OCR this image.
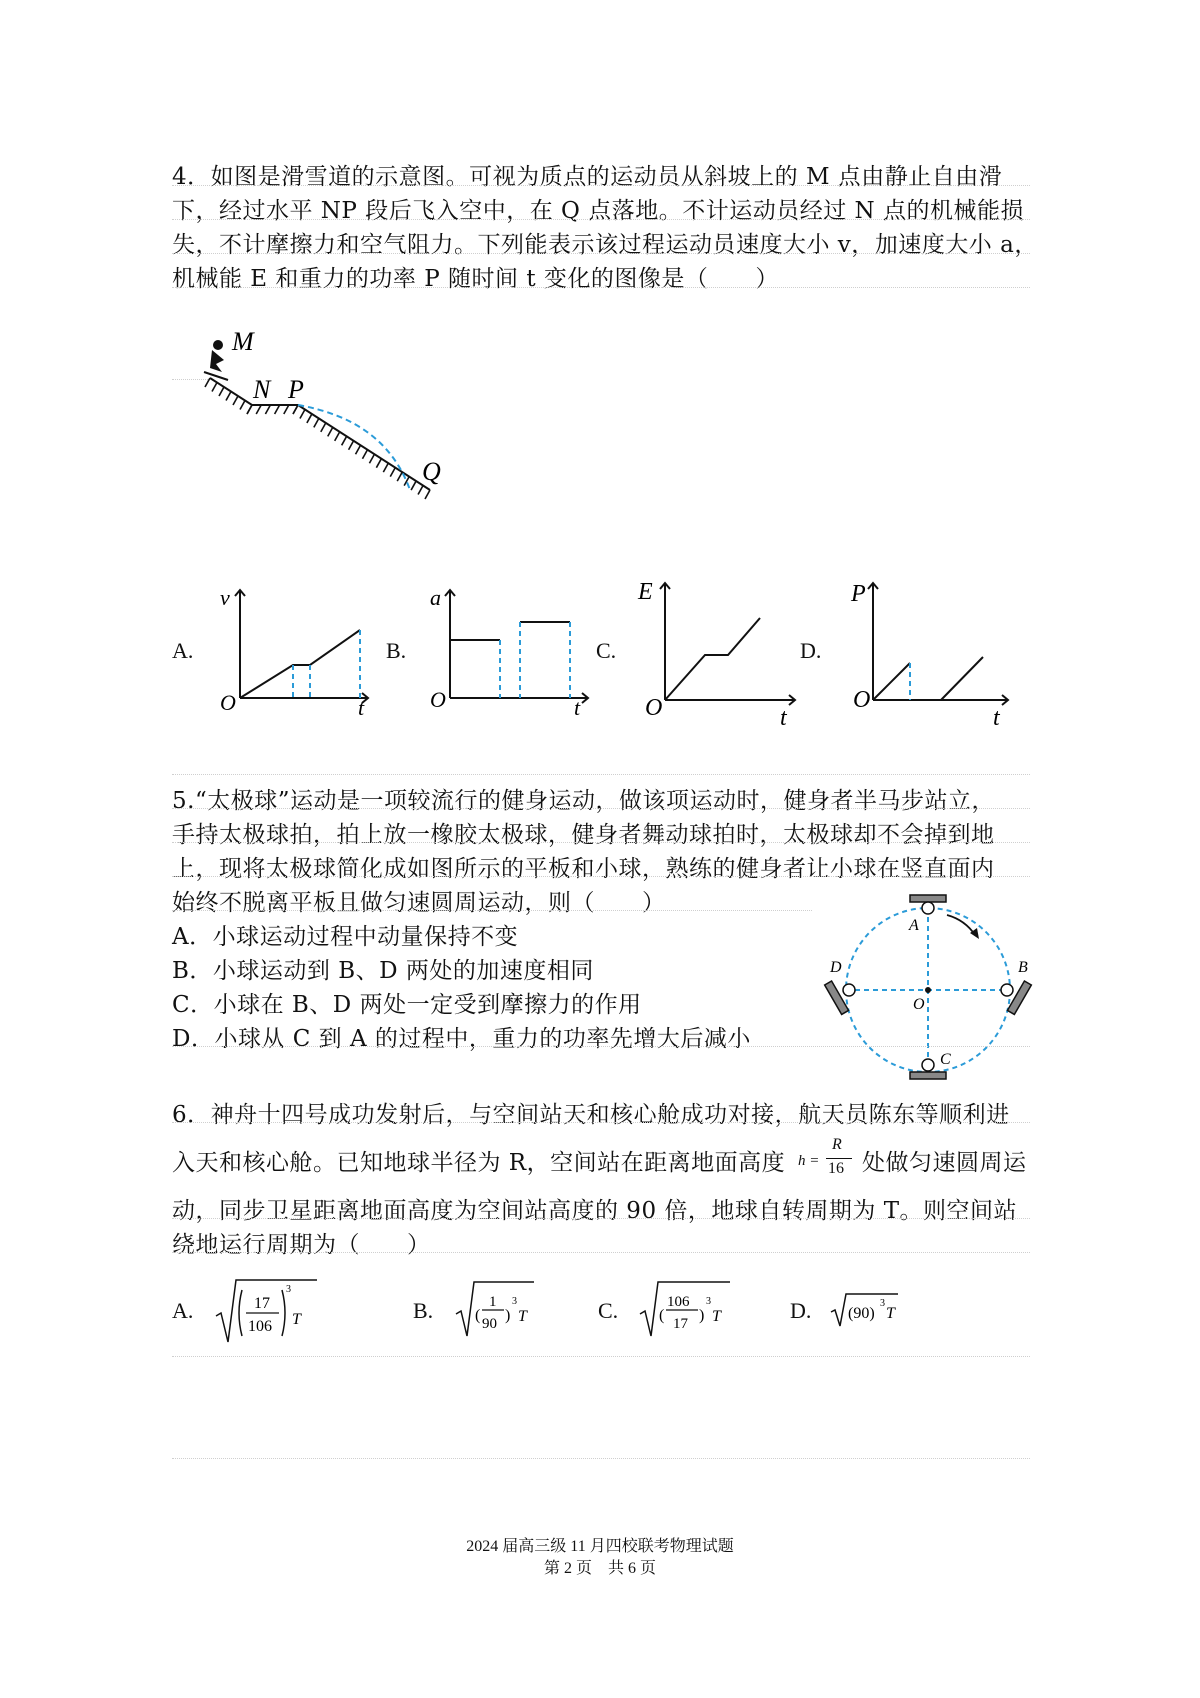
4．如图是滑雪道的示意图。可视为质点的运动员从斜坡上的 M 点由静止自由滑
下，经过水平 NP 段后飞入空中，在 Q 点落地。不计运动员经过 N 点的机械能损
失，不计摩擦力和空气阻力。下列能表示该过程运动员速度大小 v，加速度大小 a，
机械能 E 和重力的功率 P 随时间 t 变化的图像是（　　）
M
N P
Q
A.
O
v
t
B.
O
a
t
C.
O
E
t
D.
O
P
t
5.“太极球”运动是一项较流行的健身运动，做该项运动时，健身者半马步站立，
手持太极球拍，拍上放一橡胶太极球，健身者舞动球拍时，太极球却不会掉到地
上，现将太极球简化成如图所示的平板和小球，熟练的健身者让小球在竖直面内
始终不脱离平板且做匀速圆周运动，则（　　）
A．小球运动过程中动量保持不变
B．小球运动到 B、D 两处的加速度相同
C．小球在 B、D 两处一定受到摩擦力的作用
D．小球从 C 到 A 的过程中，重力的功率先增大后减小
A
B
C
D
O
6．神舟十四号成功发射后，与空间站天和核心舱成功对接，航天员陈东等顺利进
入天和核心舱。已知地球半径为 R，空间站在距离地面高度 h =
R
16 处做匀速圆周运
动，同步卫星距离地面高度为空间站高度的 90 倍，地球自转周期为 T。则空间站
绕地运行周期为（　　）
A.	17
106
3
T	B.	(
1
90 )
3
T	C.	(
106
17 )
3
T	D. (90)
3
T
2024 届高三级 11 月四校联考物理试题
第 2 页　共 6 页
